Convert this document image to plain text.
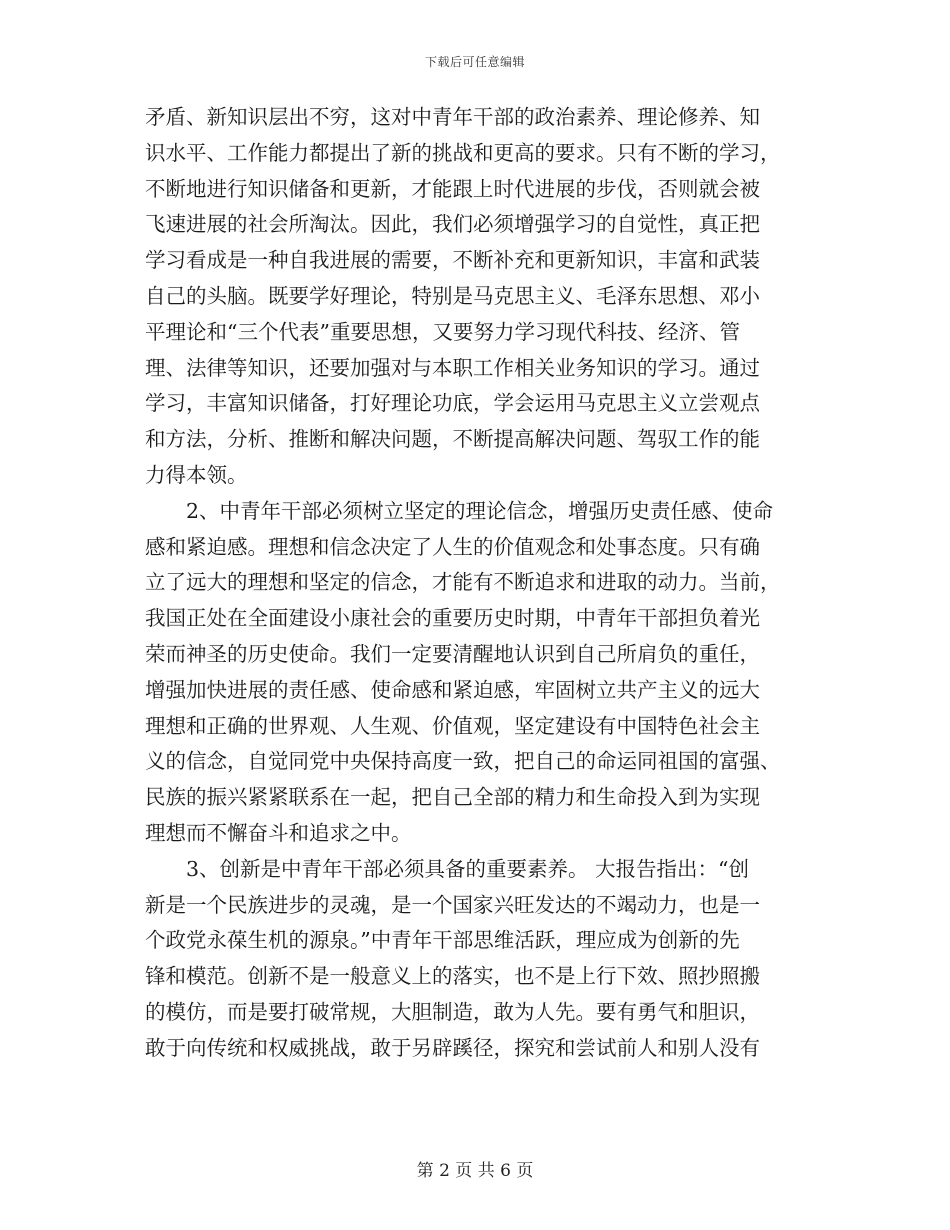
下载后可任意编辑
矛盾、新知识层出不穷，这对中青年干部的政治素养、理论修养、知
识水平、工作能力都提出了新的挑战和更高的要求。只有不断的学习，
不断地进行知识储备和更新，才能跟上时代进展的步伐，否则就会被
飞速进展的社会所淘汰。因此，我们必须增强学习的自觉性，真正把
学习看成是一种自我进展的需要，不断补充和更新知识，丰富和武装
自己的头脑。既要学好理论，特别是马克思主义、毛泽东思想、邓小
平理论和“三个代表”重要思想，又要努力学习现代科技、经济、管
理、法律等知识，还要加强对与本职工作相关业务知识的学习。通过
学习，丰富知识储备，打好理论功底，学会运用马克思主义立尝观点
和方法，分析、推断和解决问题，不断提高解决问题、驾驭工作的能
力得本领。
　　2、中青年干部必须树立坚定的理论信念，增强历史责任感、使命
感和紧迫感。理想和信念决定了人生的价值观念和处事态度。只有确
立了远大的理想和坚定的信念，才能有不断追求和进取的动力。当前，
我国正处在全面建设小康社会的重要历史时期，中青年干部担负着光
荣而神圣的历史使命。我们一定要清醒地认识到自己所肩负的重任，
增强加快进展的责任感、使命感和紧迫感，牢固树立共产主义的远大
理想和正确的世界观、人生观、价值观，坚定建设有中国特色社会主
义的信念，自觉同党中央保持高度一致，把自己的命运同祖国的富强、
民族的振兴紧紧联系在一起，把自己全部的精力和生命投入到为实现
理想而不懈奋斗和追求之中。
　　3、创新是中青年干部必须具备的重要素养。 大报告指出：“创
新是一个民族进步的灵魂，是一个国家兴旺发达的不竭动力，也是一
个政党永葆生机的源泉。”中青年干部思维活跃，理应成为创新的先
锋和模范。创新不是一般意义上的落实，也不是上行下效、照抄照搬
的模仿，而是要打破常规，大胆制造，敢为人先。要有勇气和胆识，
敢于向传统和权威挑战，敢于另辟蹊径，探究和尝试前人和别人没有
第 2 页 共 6 页
